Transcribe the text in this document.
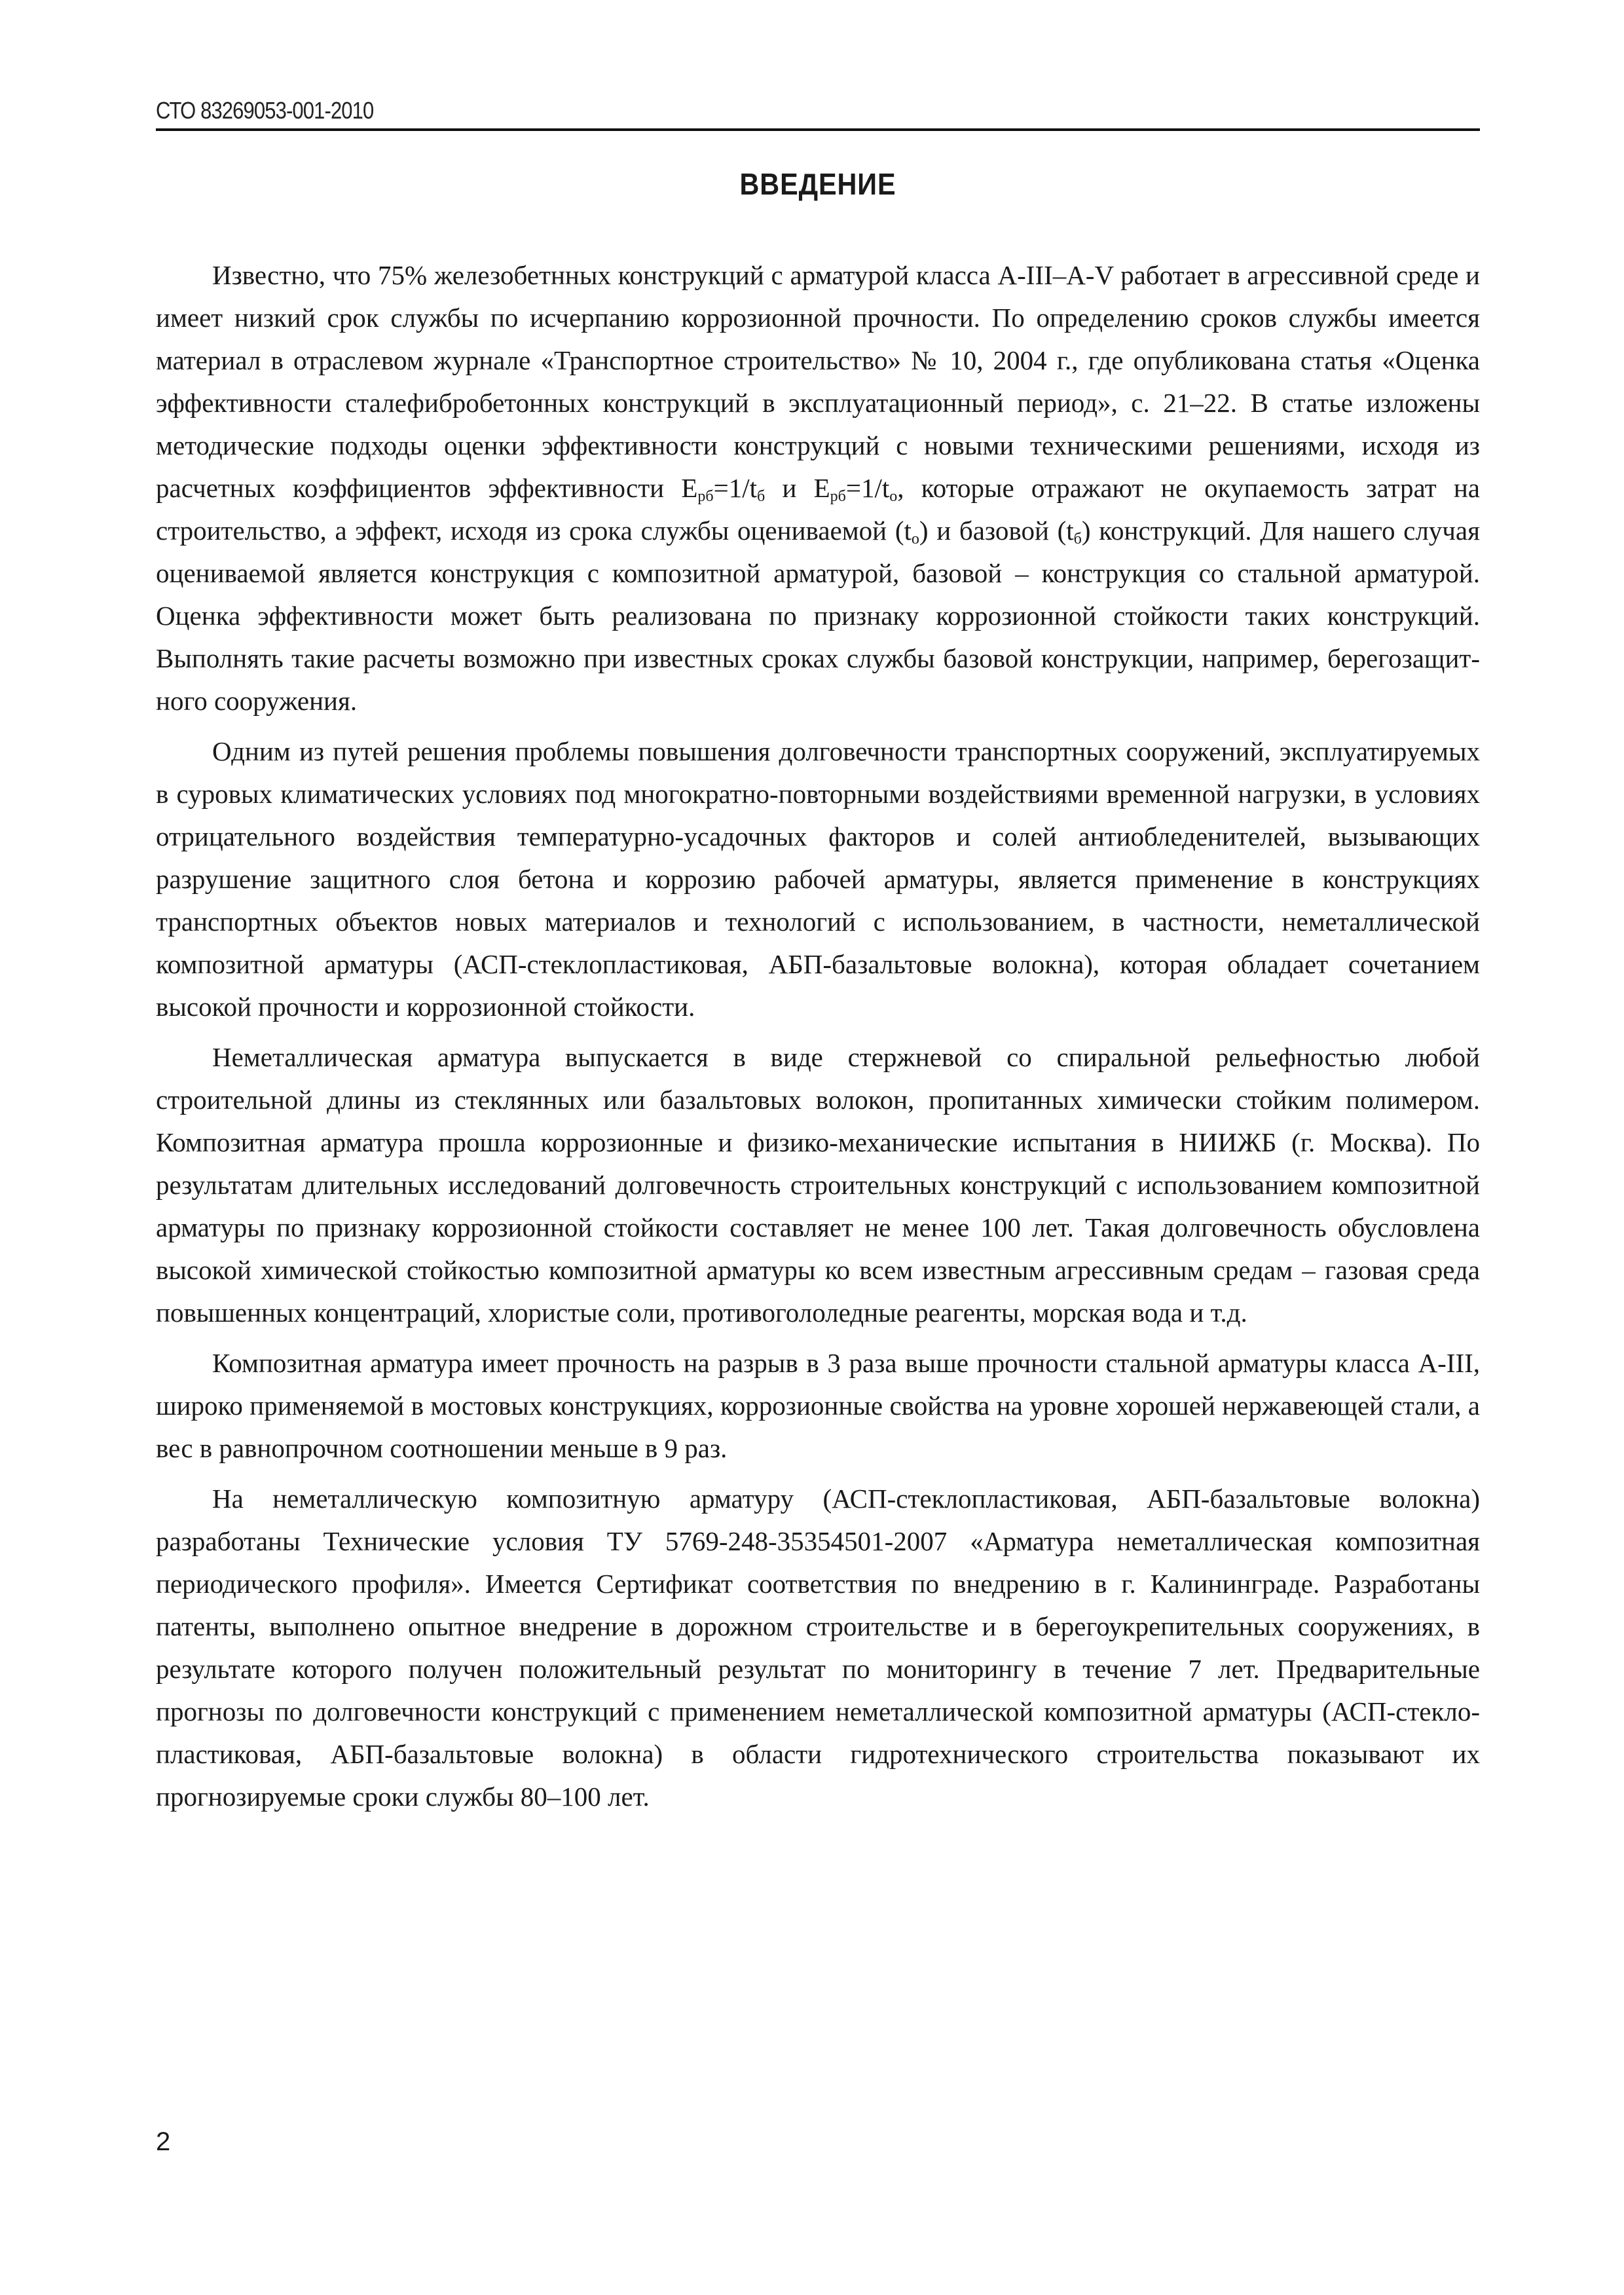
СТО 83269053-001-2010
ВВЕДЕНИЕ

Известно, что 75% железобетнных конструкций с арматурой класса A-III–A-V работает в агрессивной среде и имеет низкий срок службы по исчерпанию коррозионной прочности. По определению сроков службы имеется материал в отраслевом журнале «Транспортное строительство» № 10, 2004 г., где опубликована статья «Оценка эффективности сталефибробетонных конструкций в эксплуатационный период», с. 21–22. В статье изложены методические подходы оценки эффективности конструкций с новыми техническими решениями, исходя из расчетных коэффициентов эффективности $E_{рб}=1/t_б$ и $E_{рб}=1/t_о$, которые отражают не окупаемость затрат на строительство, а эффект, исходя из срока службы оцениваемой $(t_о)$ и базовой $(t_б)$ конструкций. Для нашего случая оцениваемой является конструкция с композитной арматурой, базовой – конструкция со стальной арматурой. Оценка эффективности может быть реализована по признаку коррозионной стойкости таких конструкций. Выполнять такие расчеты возможно при известных сроках службы базовой конструкции, например, берегозащитного сооружения.

Одним из путей решения проблемы повышения долговечности транспортных сооружений, эксплуатируемых в суровых климатических условиях под многократно-повторными воздействиями временной нагрузки, в условиях отрицательного воздействия температурно-усадочных факторов и солей антиобледенителей, вызывающих разрушение защитного слоя бетона и коррозию рабочей арматуры, является применение в конструкциях транспортных объектов новых материалов и технологий с использованием, в частности, неметаллической композитной арматуры (АСП-стеклопластиковая, АБП-базальтовые волокна), которая обладает сочетанием высокой прочности и коррозионной стойкости.

Неметаллическая арматура выпускается в виде стержневой со спиральной рельефностью любой строительной длины из стеклянных или базальтовых волокон, пропитанных химически стойким полимером. Композитная арматура прошла коррозионные и физико-механические испытания в НИИЖБ (г. Москва). По результатам длительных исследований долговечность строительных конструкций с использованием композитной арматуры по признаку коррозионной стойкости составляет не менее 100 лет. Такая долговечность обусловлена высокой химической стойкостью композитной арматуры ко всем известным агрессивным средам – газовая среда повышенных концентраций, хлористые соли, противогололедные реагенты, морская вода и т.д.

Композитная арматура имеет прочность на разрыв в 3 раза выше прочности стальной арматуры класса A-III, широко применяемой в мостовых конструкциях, коррозионные свойства на уровне хорошей нержавеющей стали, а вес в равнопрочном соотношении меньше в 9 раз.

На неметаллическую композитную арматуру (АСП-стеклопластиковая, АБП-базальтовые волокна) разработаны Технические условия ТУ 5769-248-35354501-2007 «Арматура неметаллическая композитная периодического профиля». Имеется Сертификат соответствия по внедрению в г. Калининграде. Разработаны патенты, выполнено опытное внедрение в дорожном строительстве и в берегоукрепительных сооружениях, в результате которого получен положительный результат по мониторингу в течение 7 лет. Предварительные прогнозы по долговечности конструкций с применением неметаллической композитной арматуры (АСП-стеклопластиковая, АБП-базальтовые волокна) в области гидротехнического строительства показывают их прогнозируемые сроки службы 80–100 лет.

2
